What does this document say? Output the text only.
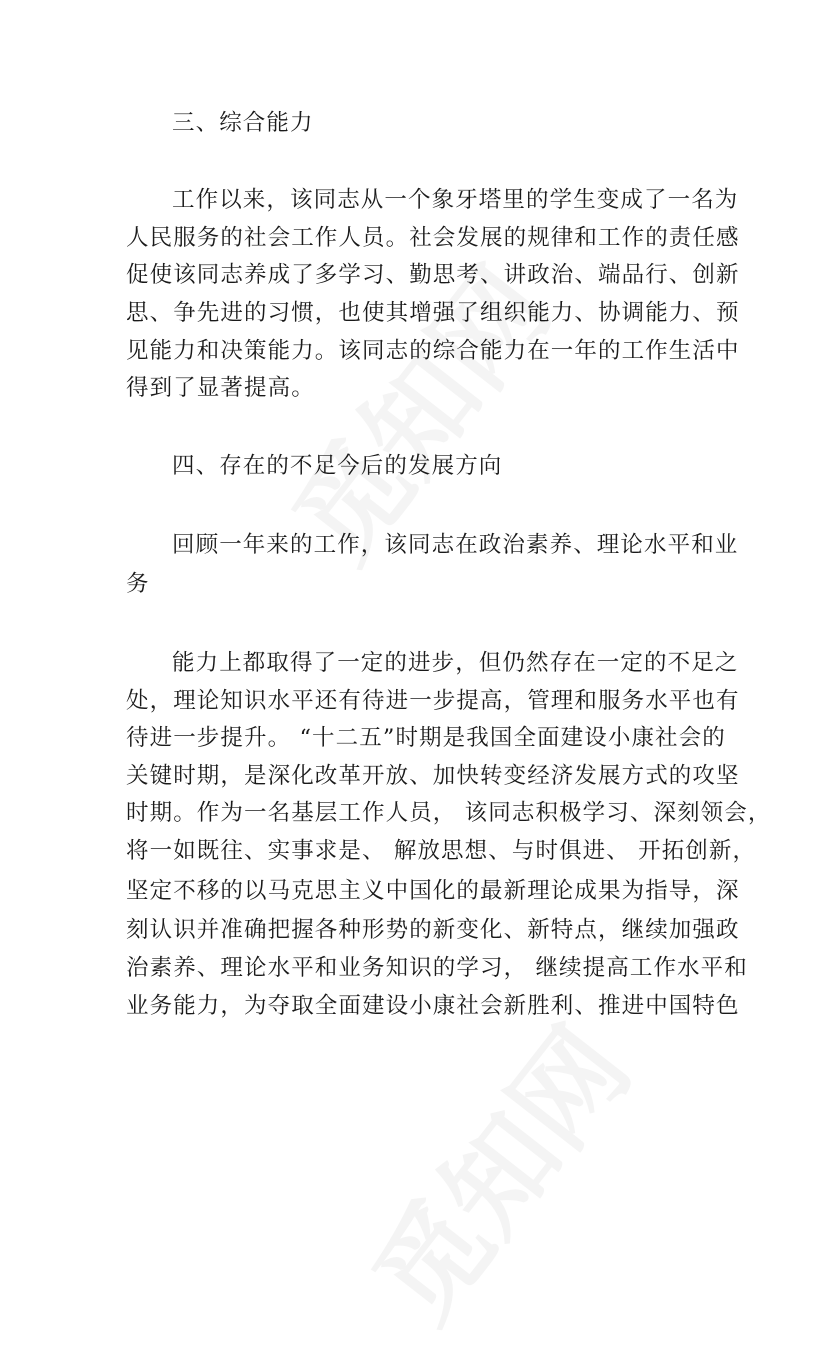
三、综合能力
工作以来，该同志从一个象牙塔里的学生变成了一名为
人民服务的社会工作人员。社会发展的规律和工作的责任感
促使该同志养成了多学习、勤思考、讲政治、端品行、创新
思、争先进的习惯，也使其增强了组织能力、协调能力、预
见能力和决策能力。该同志的综合能力在一年的工作生活中
得到了显著提高。
四、存在的不足今后的发展方向
回顾一年来的工作，该同志在政治素养、理论水平和业
务
能力上都取得了一定的进步，但仍然存在一定的不足之
处，理论知识水平还有待进一步提高，管理和服务水平也有
待进一步提升。 “十二五”时期是我国全面建设小康社会的
关键时期，是深化改革开放、加快转变经济发展方式的攻坚
时期。作为一名基层工作人员， 该同志积极学习、深刻领会，
将一如既往、实事求是、 解放思想、与时俱进、 开拓创新，
坚定不移的以马克思主义中国化的最新理论成果为指导，深
刻认识并准确把握各种形势的新变化、新特点，继续加强政
治素养、理论水平和业务知识的学习， 继续提高工作水平和
业务能力，为夺取全面建设小康社会新胜利、推进中国特色
